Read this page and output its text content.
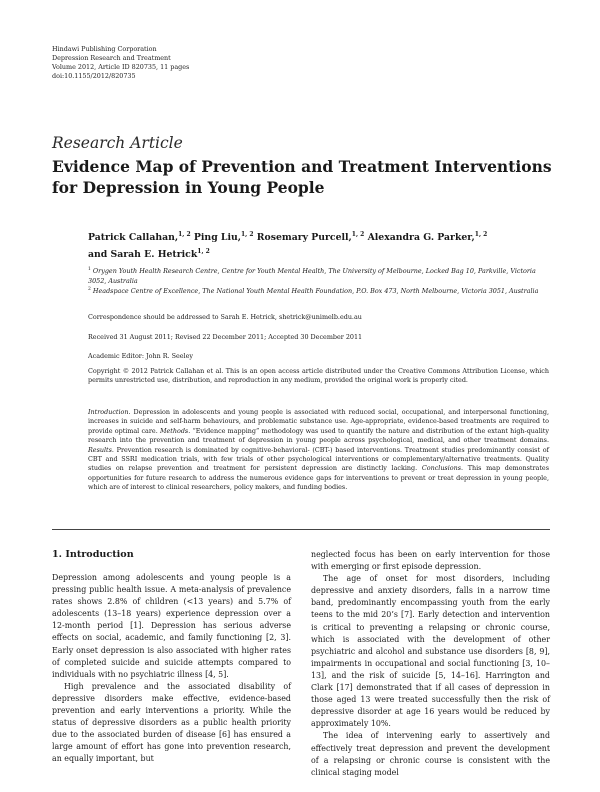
Hindawi Publishing Corporation
Depression Research and Treatment
Volume 2012, Article ID 820735, 11 pages
doi:10.1155/2012/820735
Research Article
Evidence Map of Prevention and Treatment Interventions for Depression in Young People
Patrick Callahan,$^{1, 2}$ Ping Liu,$^{1, 2}$ Rosemary Purcell,$^{1, 2}$ Alexandra G. Parker,$^{1, 2}$
and Sarah E. Hetrick$^{1, 2}$
$^1$ Orygen Youth Health Research Centre, Centre for Youth Mental Health, The University of Melbourne, Locked Bag 10, Parkville, Victoria 3052, Australia
$^2$ Headspace Centre of Excellence, The National Youth Mental Health Foundation, P.O. Box 473, North Melbourne, Victoria 3051, Australia
Correspondence should be addressed to Sarah E. Hetrick, shetrick@unimelb.edu.au
Received 31 August 2011; Revised 22 December 2011; Accepted 30 December 2011
Academic Editor: John R. Seeley
Copyright © 2012 Patrick Callahan et al. This is an open access article distributed under the Creative Commons Attribution License, which permits unrestricted use, distribution, and reproduction in any medium, provided the original work is properly cited.
Introduction. Depression in adolescents and young people is associated with reduced social, occupational, and interpersonal functioning, increases in suicide and self-harm behaviours, and problematic substance use. Age-appropriate, evidence-based treatments are required to provide optimal care. Methods. “Evidence mapping” methodology was used to quantify the nature and distribution of the extant high-quality research into the prevention and treatment of depression in young people across psychological, medical, and other treatment domains. Results. Prevention research is dominated by cognitive-behavioral- (CBT-) based interventions. Treatment studies predominantly consist of CBT and SSRI medication trials, with few trials of other psychological interventions or complementary/alternative treatments. Quality studies on relapse prevention and treatment for persistent depression are distinctly lacking. Conclusions. This map demonstrates opportunities for future research to address the numerous evidence gaps for interventions to prevent or treat depression in young people, which are of interest to clinical researchers, policy makers, and funding bodies.
1. Introduction

Depression among adolescents and young people is a pressing public health issue. A meta-analysis of prevalence rates shows 2.8% of children (<13 years) and 5.7% of adolescents (13–18 years) experience depression over a 12-month period [1]. Depression has serious adverse effects on social, academic, and family functioning [2, 3]. Early onset depression is also associated with higher rates of completed suicide and suicide attempts compared to individuals with no psychiatric illness [4, 5].

High prevalence and the associated disability of depressive disorders make effective, evidence-based prevention and early interventions a priority. While the status of depressive disorders as a public health priority due to the associated burden of disease [6] has ensured a large amount of effort has gone into prevention research, an equally important, but

neglected focus has been on early intervention for those with emerging or first episode depression.

The age of onset for most disorders, including depressive and anxiety disorders, falls in a narrow time band, predominantly encompassing youth from the early teens to the mid 20’s [7]. Early detection and intervention is critical to preventing a relapsing or chronic course, which is associated with the development of other psychiatric and alcohol and substance use disorders [8, 9], impairments in occupational and social functioning [3, 10–13], and the risk of suicide [5, 14–16]. Harrington and Clark [17] demonstrated that if all cases of depression in those aged 13 were treated successfully then the risk of depressive disorder at age 16 years would be reduced by approximately 10%.

The idea of intervening early to assertively and effectively treat depression and prevent the development of a relapsing or chronic course is consistent with the clinical staging model
